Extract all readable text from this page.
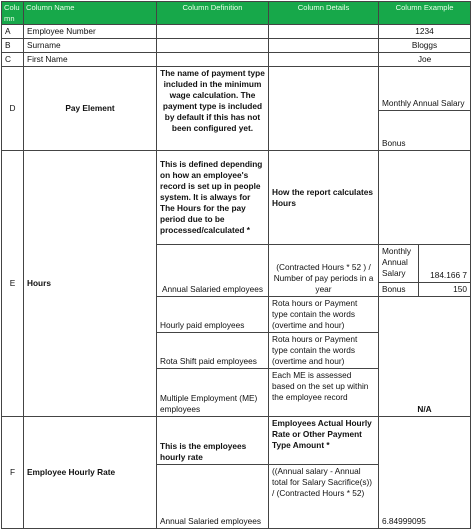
Column	Column Name	Column Definition	Column Details	Column Example	
A	Employee Number			1234	
B	Surname			Bloggs	
C	First Name			Joe	
D	Pay Element	The name of payment type included in the minimum wage calculation. The payment type is included by default if this has not been configured yet.		Monthly Annual Salary	
				Bonus	
E	Hours	This is defined depending on how an employee's record is set up in people system. It is always for The Hours for the pay period due to be processed/calculated *	How the report calculates Hours		
		Annual Salaried employees	(Contracted Hours * 52 ) / Number of pay periods in a year	Monthly Annual Salary	184.166 7
				Bonus	150
		Hourly paid employees	Rota hours or Payment type contain the words (overtime and hour)	N/A	
		Rota Shift paid employees	Rota hours or Payment type contain the words (overtime and hour)		
		Multiple Employment (ME) employees	Each ME is assessed based on the set up within the employee record		
F	Employee Hourly Rate	This is the employees hourly rate	Employees Actual Hourly Rate or Other Payment Type Amount *	6.84999095	
		Annual Salaried employees	((Annual salary - Annual total for Salary Sacrifice(s)) / (Contracted Hours * 52)		
